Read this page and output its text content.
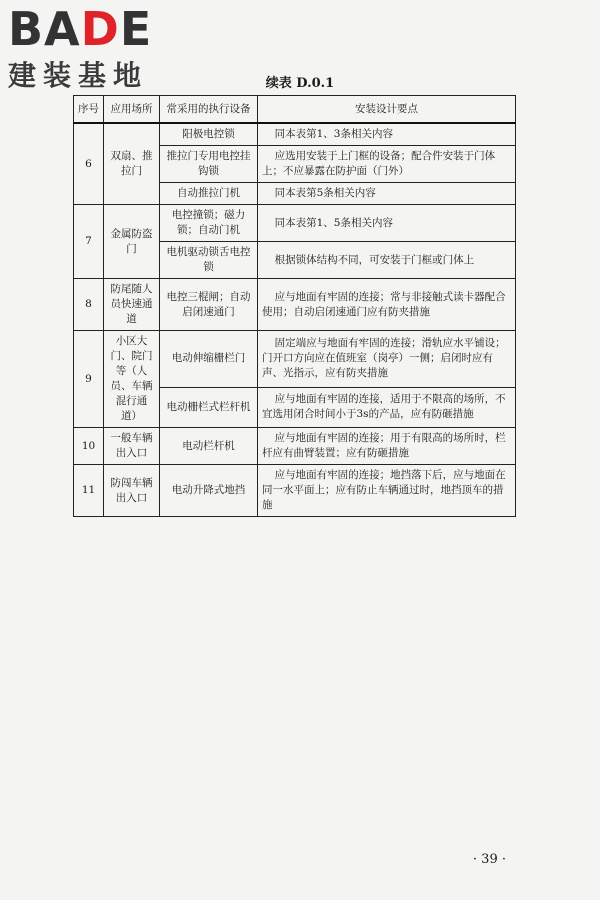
BADE
建装基地	续表 D.0.1
序号	应用场所	常采用的执行设备	安装设计要点
6	双扇、推拉门	阳极电控锁	同本表第1、3条相关内容
		推拉门专用电控挂钩锁	应选用安装于上门框的设备；配合件安装于门体上；不应暴露在防护面（门外）
		自动推拉门机	同本表第5条相关内容
7	金属防盗门	电控撞锁；磁力锁；自动门机	同本表第1、5条相关内容
		电机驱动锁舌电控锁	根据锁体结构不同，可安装于门框或门体上
8	防尾随人员快速通道	电控三棍闸；自动启闭速通门	应与地面有牢固的连接；常与非接触式读卡器配合使用；自动启闭速通门应有防夹措施
9	小区大门、院门等（人员、车辆混行通道）	电动伸缩栅栏门	固定端应与地面有牢固的连接；滑轨应水平铺设；门开口方向应在值班室（岗亭）一侧；启闭时应有声、光指示，应有防夹措施
		电动栅栏式栏杆机	应与地面有牢固的连接，适用于不限高的场所，不宜选用闭合时间小于3s的产品，应有防砸措施
10	一般车辆出入口	电动栏杆机	应与地面有牢固的连接；用于有限高的场所时，栏杆应有曲臂装置；应有防砸措施
11	防闯车辆出入口	电动升降式地挡	应与地面有牢固的连接；地挡落下后，应与地面在同一水平面上；应有防止车辆通过时，地挡顶车的措施
· 39 ·
